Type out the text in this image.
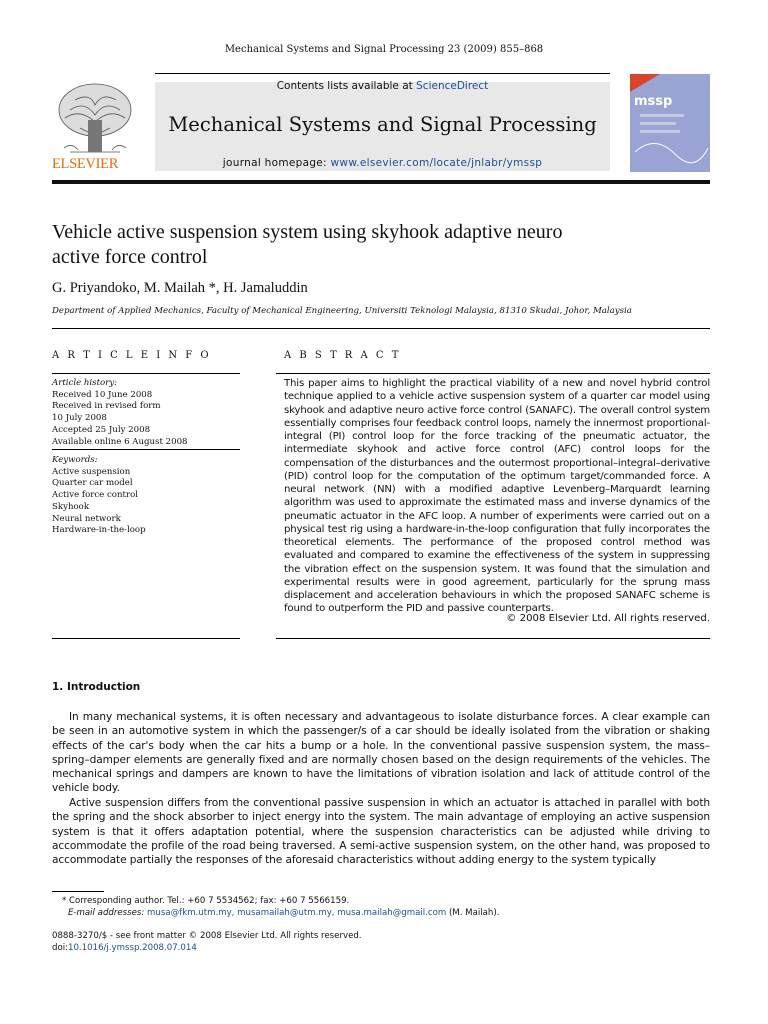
Mechanical Systems and Signal Processing 23 (2009) 855–868
ELSEVIER
Contents lists available at ScienceDirect
Mechanical Systems and Signal Processing
journal homepage: www.elsevier.com/locate/jnlabr/ymssp
mssp
Vehicle active suspension system using skyhook adaptive neuro
active force control
G. Priyandoko, M. Mailah *, H. Jamaluddin
Department of Applied Mechanics, Faculty of Mechanical Engineering, Universiti Teknologi Malaysia, 81310 Skudai, Johor, Malaysia
A R T I C L E I N F O	A B S T R A C T
Article history:
Received 10 June 2008
Received in revised form
10 July 2008
Accepted 25 July 2008
Available online 6 August 2008
Keywords:
Active suspension
Quarter car model
Active force control
Skyhook
Neural network
Hardware-in-the-loop
This paper aims to highlight the practical viability of a new and novel hybrid control technique applied to a vehicle active suspension system of a quarter car model using skyhook and adaptive neuro active force control (SANAFC). The overall control system essentially comprises four feedback control loops, namely the innermost proportional-integral (PI) control loop for the force tracking of the pneumatic actuator, the intermediate skyhook and active force control (AFC) control loops for the compensation of the disturbances and the outermost proportional–integral–derivative (PID) control loop for the computation of the optimum target/commanded force. A neural network (NN) with a modified adaptive Levenberg–Marquardt learning algorithm was used to approximate the estimated mass and inverse dynamics of the pneumatic actuator in the AFC loop. A number of experiments were carried out on a physical test rig using a hardware-in-the-loop configuration that fully incorporates the theoretical elements. The performance of the proposed control method was evaluated and compared to examine the effectiveness of the system in suppressing the vibration effect on the suspension system. It was found that the simulation and experimental results were in good agreement, particularly for the sprung mass displacement and acceleration behaviours in which the proposed SANAFC scheme is found to outperform the PID and passive counterparts.
© 2008 Elsevier Ltd. All rights reserved.
1. Introduction
In many mechanical systems, it is often necessary and advantageous to isolate disturbance forces. A clear example can be seen in an automotive system in which the passenger/s of a car should be ideally isolated from the vibration or shaking effects of the car's body when the car hits a bump or a hole. In the conventional passive suspension system, the mass–spring–damper elements are generally fixed and are normally chosen based on the design requirements of the vehicles. The mechanical springs and dampers are known to have the limitations of vibration isolation and lack of attitude control of the vehicle body.
Active suspension differs from the conventional passive suspension in which an actuator is attached in parallel with both the spring and the shock absorber to inject energy into the system. The main advantage of employing an active suspension system is that it offers adaptation potential, where the suspension characteristics can be adjusted while driving to accommodate the profile of the road being traversed. A semi-active suspension system, on the other hand, was proposed to accommodate partially the responses of the aforesaid characteristics without adding energy to the system typically
* Corresponding author. Tel.: +60 7 5534562; fax: +60 7 5566159.
E-mail addresses: musa@fkm.utm.my, musamailah@utm.my, musa.mailah@gmail.com (M. Mailah).
0888-3270/$ - see front matter © 2008 Elsevier Ltd. All rights reserved.
doi:10.1016/j.ymssp.2008.07.014
